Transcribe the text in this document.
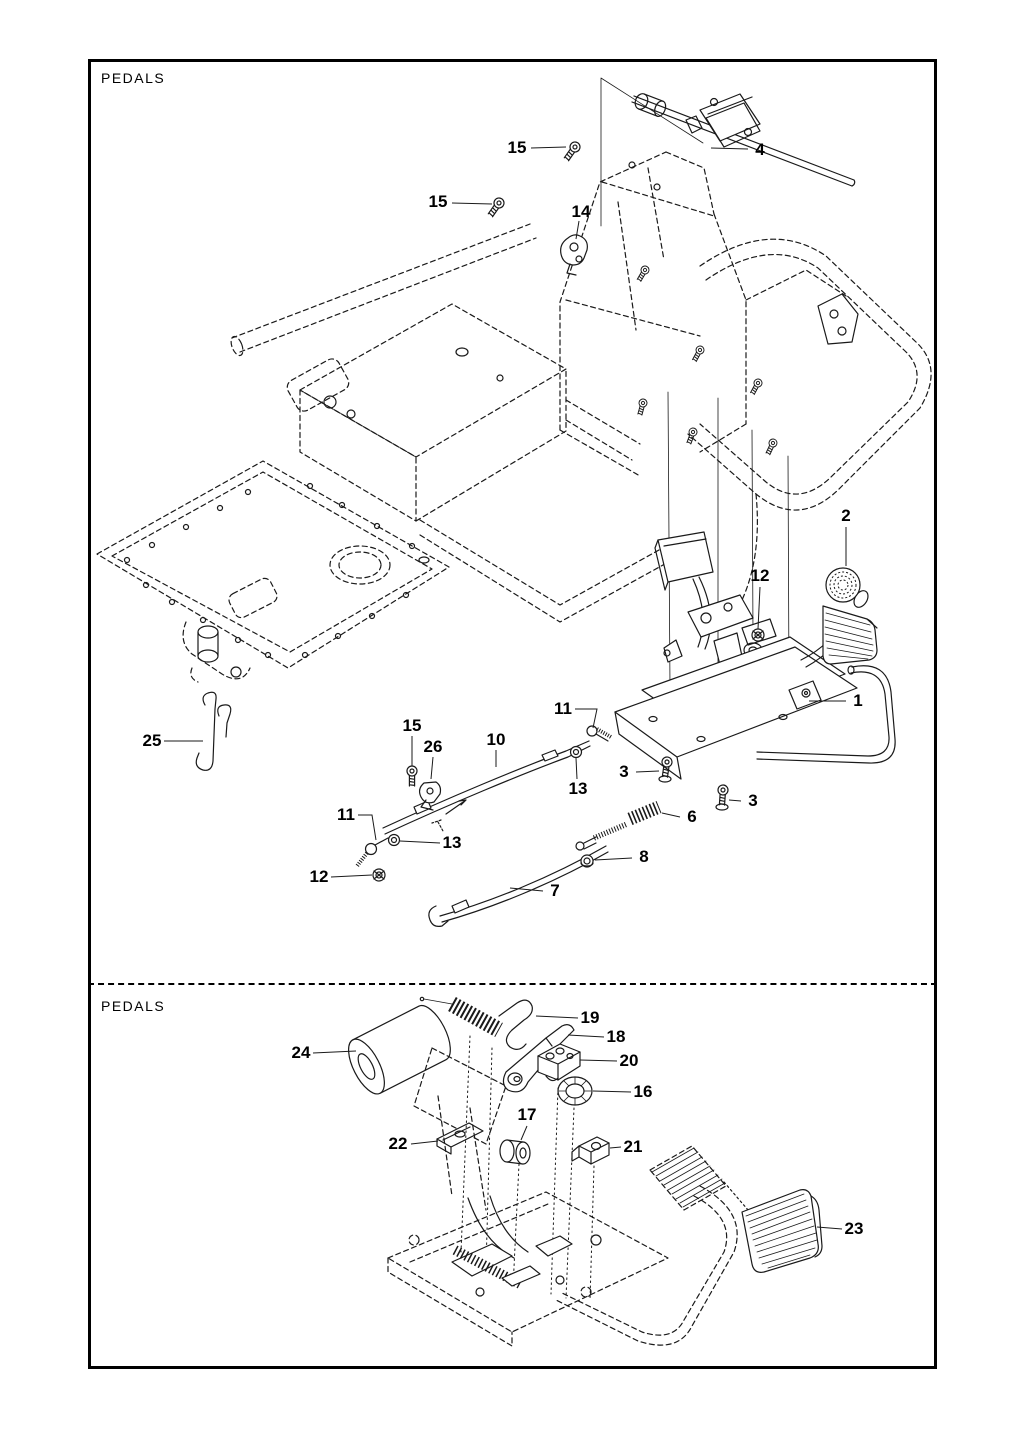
PEDALS
PEDALS
15	4
15
14
2
12
1
3
3
6
8
7
11
10
15
26
13
11
13
12
25
24
19
18
20
16
17
22	21
23
